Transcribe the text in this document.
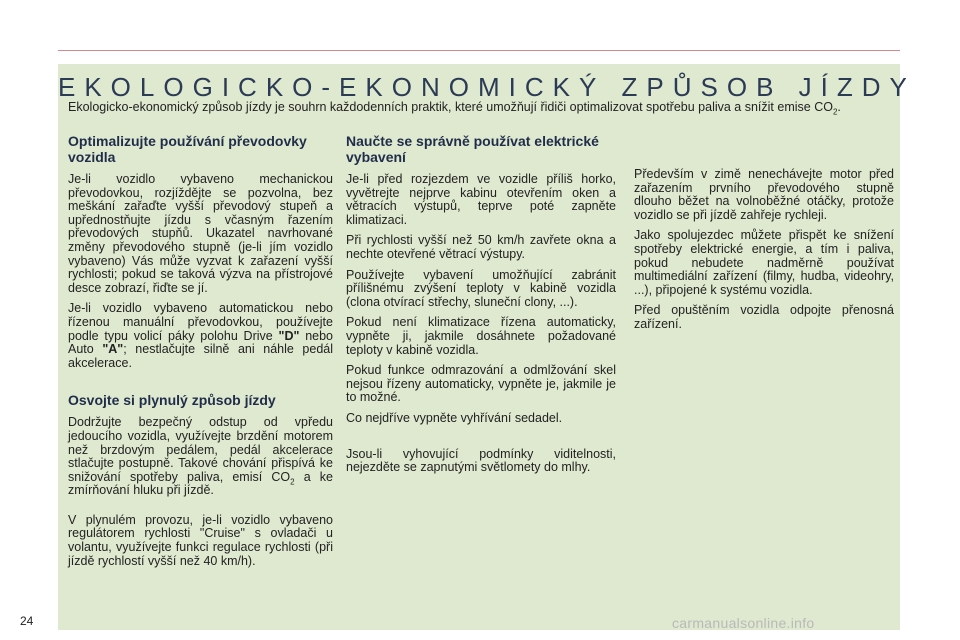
EKOLOGICKO-EKONOMICKÝ ZPŮSOB JÍZDY
Ekologicko-ekonomický způsob jízdy je souhrn každodenních praktik, které umožňují řidiči optimalizovat spotřebu paliva a snížit emise $CO_2$.
Optimalizujte používání převodovky vozidla

Je-li vozidlo vybaveno mechanickou převodovkou, rozjíždějte se pozvolna, bez meškání zařaďte vyšší převodový stupeň a upřednostňujte jízdu s včasným řazením převodových stupňů. Ukazatel navrhované změny převodového stupně (je-li jím vozidlo vybaveno) Vás může vyzvat k zařazení vyšší rychlosti; pokud se taková výzva na přístrojové desce zobrazí, řiďte se jí.

Je-li vozidlo vybaveno automatickou nebo řízenou manuální převodovkou, používejte podle typu volicí páky polohu Drive "D" nebo Auto "A"; nestlačujte silně ani náhle pedál akcelerace.

Osvojte si plynulý způsob jízdy

Dodržujte bezpečný odstup od vpředu jedoucího vozidla, využívejte brzdění motorem než brzdovým pedálem, pedál akcelerace stlačujte postupně. Takové chování přispívá ke snižování spotřeby paliva, emisí $CO_2$ a ke zmírňování hluku při jízdě.

V plynulém provozu, je-li vozidlo vybaveno regulátorem rychlosti "Cruise" s ovladači u volantu, využívejte funkci regulace rychlosti (při jízdě rychlostí vyšší než 40 km/h).

Naučte se správně používat elektrické vybavení

Je-li před rozjezdem ve vozidle příliš horko, vyvětrejte nejprve kabinu otevřením oken a větracích výstupů, teprve poté zapněte klimatizaci.

Při rychlosti vyšší než 50 km/h zavřete okna a nechte otevřené větrací výstupy.

Používejte vybavení umožňující zabránit přílišnému zvýšení teploty v kabině vozidla (clona otvírací střechy, sluneční clony, ...).

Pokud není klimatizace řízena automaticky, vypněte ji, jakmile dosáhnete požadované teploty v kabině vozidla.

Pokud funkce odmrazování a odmlžování skel nejsou řízeny automaticky, vypněte je, jakmile je to možné.

Co nejdříve vypněte vyhřívání sedadel.

Jsou-li vyhovující podmínky viditelnosti, nejezděte se zapnutými světlomety do mlhy.

Především v zimě nenechávejte motor před zařazením prvního převodového stupně dlouho běžet na volnoběžné otáčky, protože vozidlo se při jízdě zahřeje rychleji.

Jako spolujezdec můžete přispět ke snížení spotřeby elektrické energie, a tím i paliva, pokud nebudete nadměrně používat multimediální zařízení (filmy, hudba, videohry, ...), připojené k systému vozidla.

Před opuštěním vozidla odpojte přenosná zařízení.

24	carmanualsonline.info
